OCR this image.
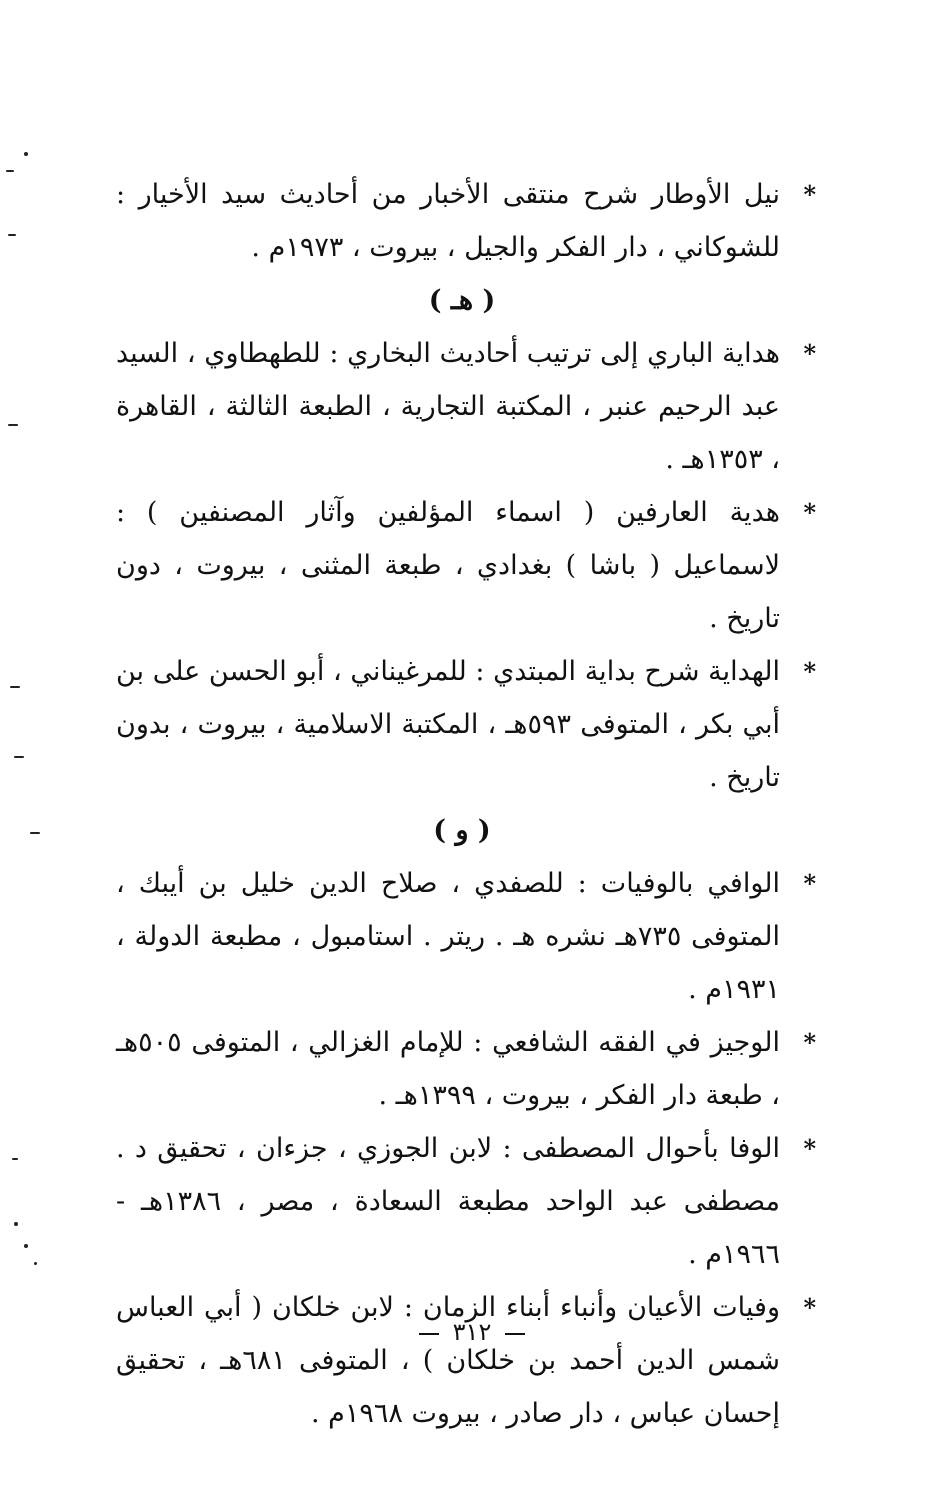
*
نيل الأوطار شرح منتقى الأخبار من أحاديث سيد الأخيار : للشوكاني ، دار الفكر والجيل ، بيروت ، ١٩٧٣م .
( هـ )
*
هداية الباري إلى ترتيب أحاديث البخاري : للطهطاوي ، السيد عبد الرحيم عنبر ، المكتبة التجارية ، الطبعة الثالثة ، القاهرة ، ١٣٥٣هـ .
*
هدية العارفين ( اسماء المؤلفين وآثار المصنفين ) : لاسماعيل ( باشا ) بغدادي ، طبعة المثنى ، بيروت ، دون تاريخ .
*
الهداية شرح بداية المبتدي : للمرغيناني ، أبو الحسن على بن أبي بكر ، المتوفى ٥٩٣هـ ، المكتبة الاسلامية ، بيروت ، بدون تاريخ .
( و )
*
الوافي بالوفيات : للصفدي ، صلاح الدين خليل بن أيبك ، المتوفى ٧٣٥هـ نشره هـ . ريتر . استامبول ، مطبعة الدولة ، ١٩٣١م .
*
الوجيز في الفقه الشافعي : للإمام الغزالي ، المتوفى ٥٠٥هـ ، طبعة دار الفكر ، بيروت ، ١٣٩٩هـ .
*
الوفا بأحوال المصطفى : لابن الجوزي ، جزءان ، تحقيق د . مصطفى عبد الواحد مطبعة السعادة ، مصر ، ١٣٨٦هـ - ١٩٦٦م .
*
وفيات الأعيان وأنباء أبناء الزمان : لابن خلكان ( أبي العباس شمس الدين أحمد بن خلكان ) ، المتوفى ٦٨١هـ ، تحقيق إحسان عباس ، دار صادر ، بيروت ١٩٦٨م .
٣١٢
